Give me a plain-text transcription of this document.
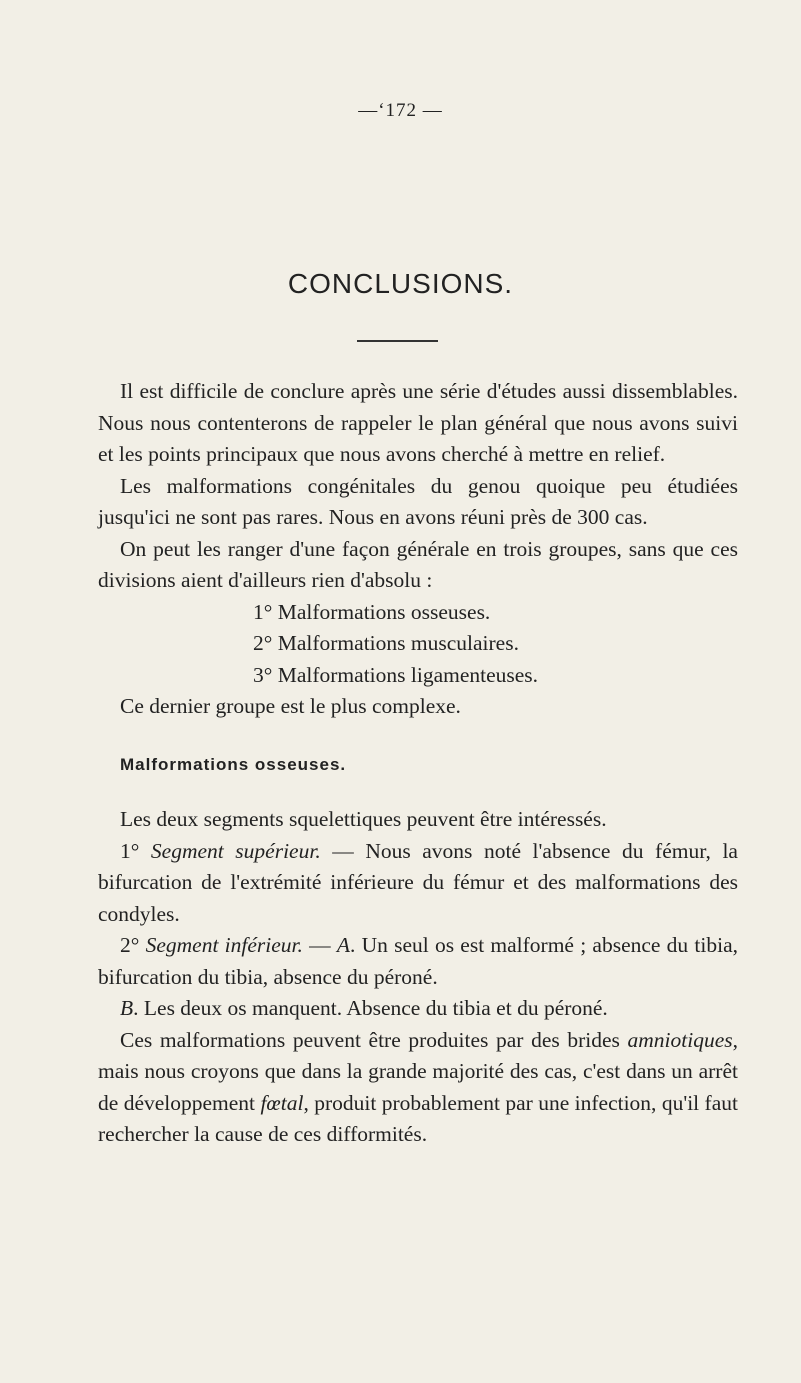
—‘172 —
CONCLUSIONS.

Il est difficile de conclure après une série d'études aussi dissemblables. Nous nous contenterons de rappeler le plan général que nous avons suivi et les points principaux que nous avons cherché à mettre en relief.

Les malformations congénitales du genou quoique peu étudiées jusqu'ici ne sont pas rares. Nous en avons réuni près de 300 cas.

On peut les ranger d'une façon générale en trois groupes, sans que ces divisions aient d'ailleurs rien d'absolu :

1° Malformations osseuses.

2° Malformations musculaires.

3° Malformations ligamenteuses.

Ce dernier groupe est le plus complexe.

Malformations osseuses.

Les deux segments squelettiques peuvent être intéressés.

1° Segment supérieur. — Nous avons noté l'absence du fémur, la bifurcation de l'extrémité inférieure du fémur et des malformations des condyles.

2° Segment inférieur. — A. Un seul os est malformé ; absence du tibia, bifurcation du tibia, absence du péroné.

B. Les deux os manquent. Absence du tibia et du péroné.

Ces malformations peuvent être produites par des brides amniotiques, mais nous croyons que dans la grande majorité des cas, c'est dans un arrêt de développement fœtal, produit probablement par une infection, qu'il faut rechercher la cause de ces difformités.
